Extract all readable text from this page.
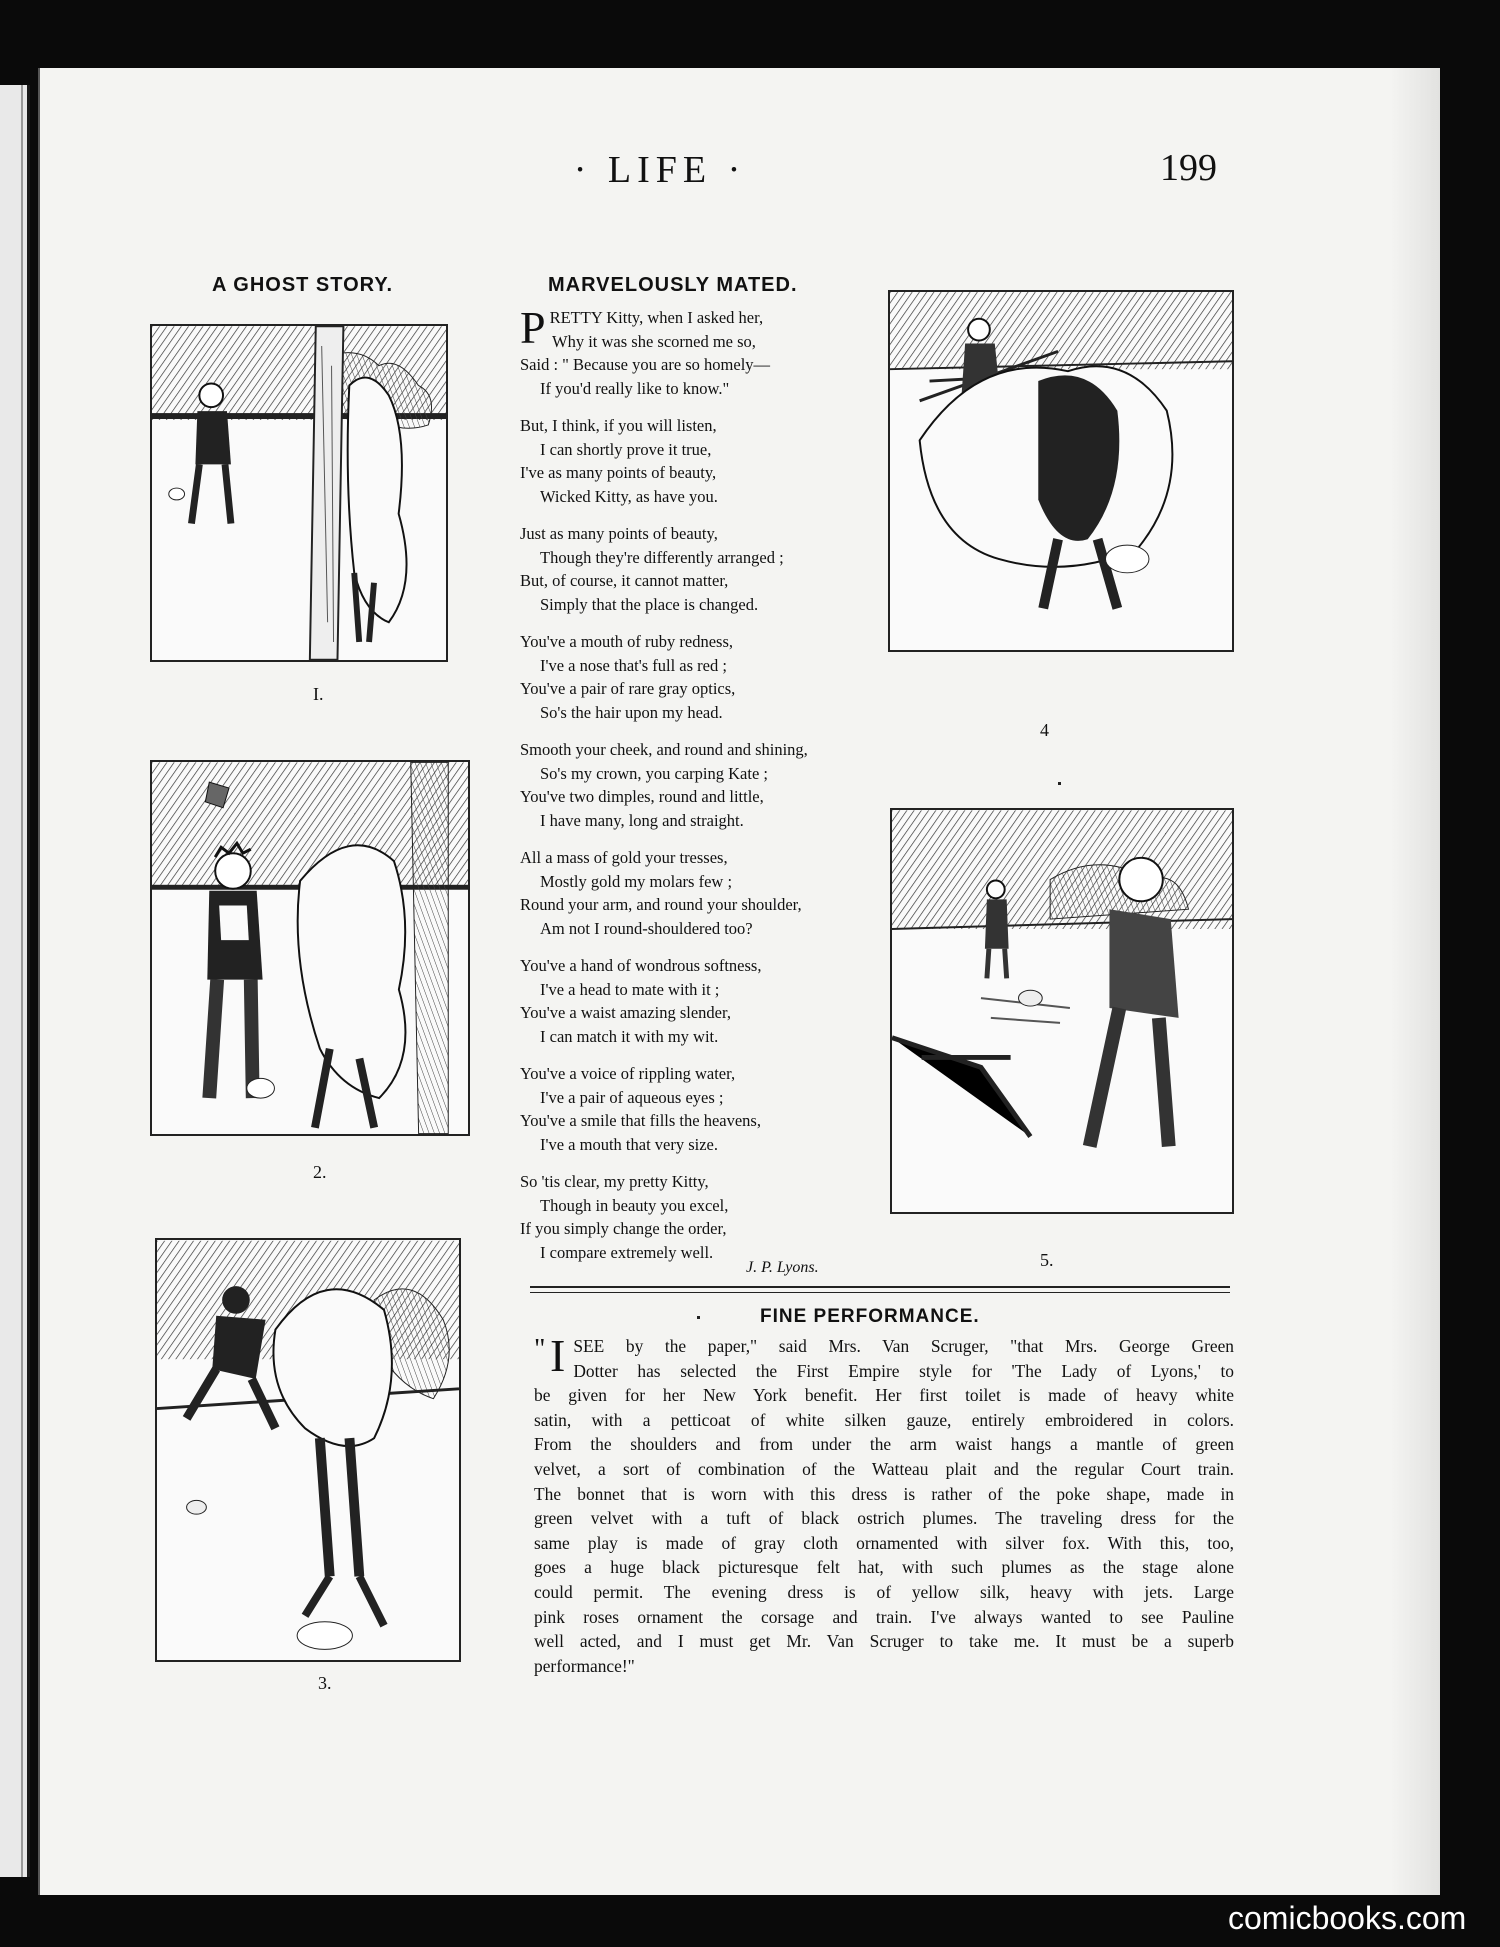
· LIFE ·	199
A GHOST STORY.
I.
2.
3.
4
5.
MARVELOUSLY MATED.
P RETTY Kitty, when I asked her,
Why it was she scorned me so,
Said : " Because you are so homely—
If you'd really like to know."
But, I think, if you will listen,
I can shortly prove it true,
I've as many points of beauty,
Wicked Kitty, as have you.
Just as many points of beauty,
Though they're differently arranged ;
But, of course, it cannot matter,
Simply that the place is changed.
You've a mouth of ruby redness,
I've a nose that's full as red ;
You've a pair of rare gray optics,
So's the hair upon my head.
Smooth your cheek, and round and shining,
So's my crown, you carping Kate ;
You've two dimples, round and little,
I have many, long and straight.
All a mass of gold your tresses,
Mostly gold my molars few ;
Round your arm, and round your shoulder,
Am not I round-shouldered too?
You've a hand of wondrous softness,
I've a head to mate with it ;
You've a waist amazing slender,
I can match it with my wit.
You've a voice of rippling water,
I've a pair of aqueous eyes ;
You've a smile that fills the heavens,
I've a mouth that very size.
So 'tis clear, my pretty Kitty,
Though in beauty you excel,
If you simply change the order,
I compare extremely well.
J. P. Lyons.
FINE PERFORMANCE.
" I SEE by the paper," said Mrs. Van Scruger, "that Mrs. George Green
Dotter has selected the First Empire style for 'The Lady of Lyons,' to
be given for her New York benefit. Her first toilet is made of heavy white
satin, with a petticoat of white silken gauze, entirely embroidered in colors.
From the shoulders and from under the arm waist hangs a mantle of green
velvet, a sort of combination of the Watteau plait and the regular Court train.
The bonnet that is worn with this dress is rather of the poke shape, made in
green velvet with a tuft of black ostrich plumes. The traveling dress for the
same play is made of gray cloth ornamented with silver fox. With this, too,
goes a huge black picturesque felt hat, with such plumes as the stage alone
could permit. The evening dress is of yellow silk, heavy with jets. Large
pink roses ornament the corsage and train. I've always wanted to see Pauline
well acted, and I must get Mr. Van Scruger to take me. It must be a superb
performance!"
comicbooks.com
